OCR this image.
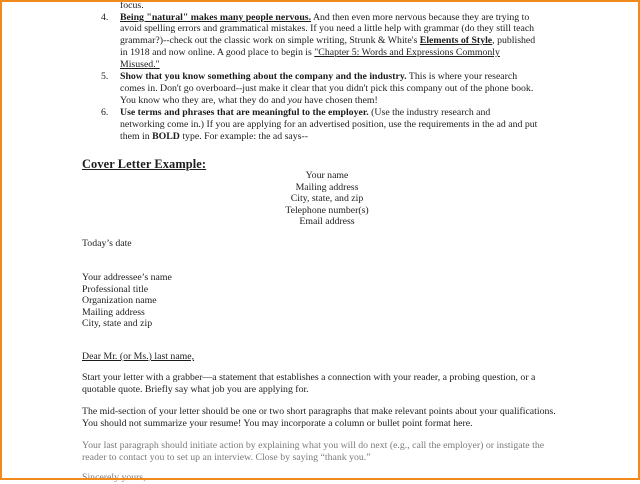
focus.

4. Being "natural" makes many people nervous. And then even more nervous because they are trying to

avoid spelling errors and grammatical mistakes. If you need a little help with grammar (do they still teach

grammar?)--check out the classic work on simple writing, Strunk & White's Elements of Style, published

in 1918 and now online. A good place to begin is "Chapter 5: Words and Expressions Commonly

Misused."

5. Show that you know something about the company and the industry. This is where your research

comes in. Don't go overboard--just make it clear that you didn't pick this company out of the phone book.

You know who they are, what they do and you have chosen them!

6. Use terms and phrases that are meaningful to the employer. (Use the industry research and

networking come in.) If you are applying for an advertised position, use the requirements in the ad and put

them in BOLD type. For example: the ad says--

Cover Letter Example:
Your name
Mailing address
City, state, and zip
Telephone number(s)
Email address
Today’s date
Your addressee’s name
Professional title
Organization name
Mailing address
City, state and zip
Dear Mr. (or Ms.) last name,
Start your letter with a grabber—a statement that establishes a connection with your reader, a probing question, or a
quotable quote. Briefly say what job you are applying for.
The mid-section of your letter should be one or two short paragraphs that make relevant points about your qualifications.
You should not summarize your resume! You may incorporate a column or bullet point format here.
Your last paragraph should initiate action by explaining what you will do next (e.g., call the employer) or instigate the
reader to contact you to set up an interview. Close by saying “thank you.”
Sincerely yours,
